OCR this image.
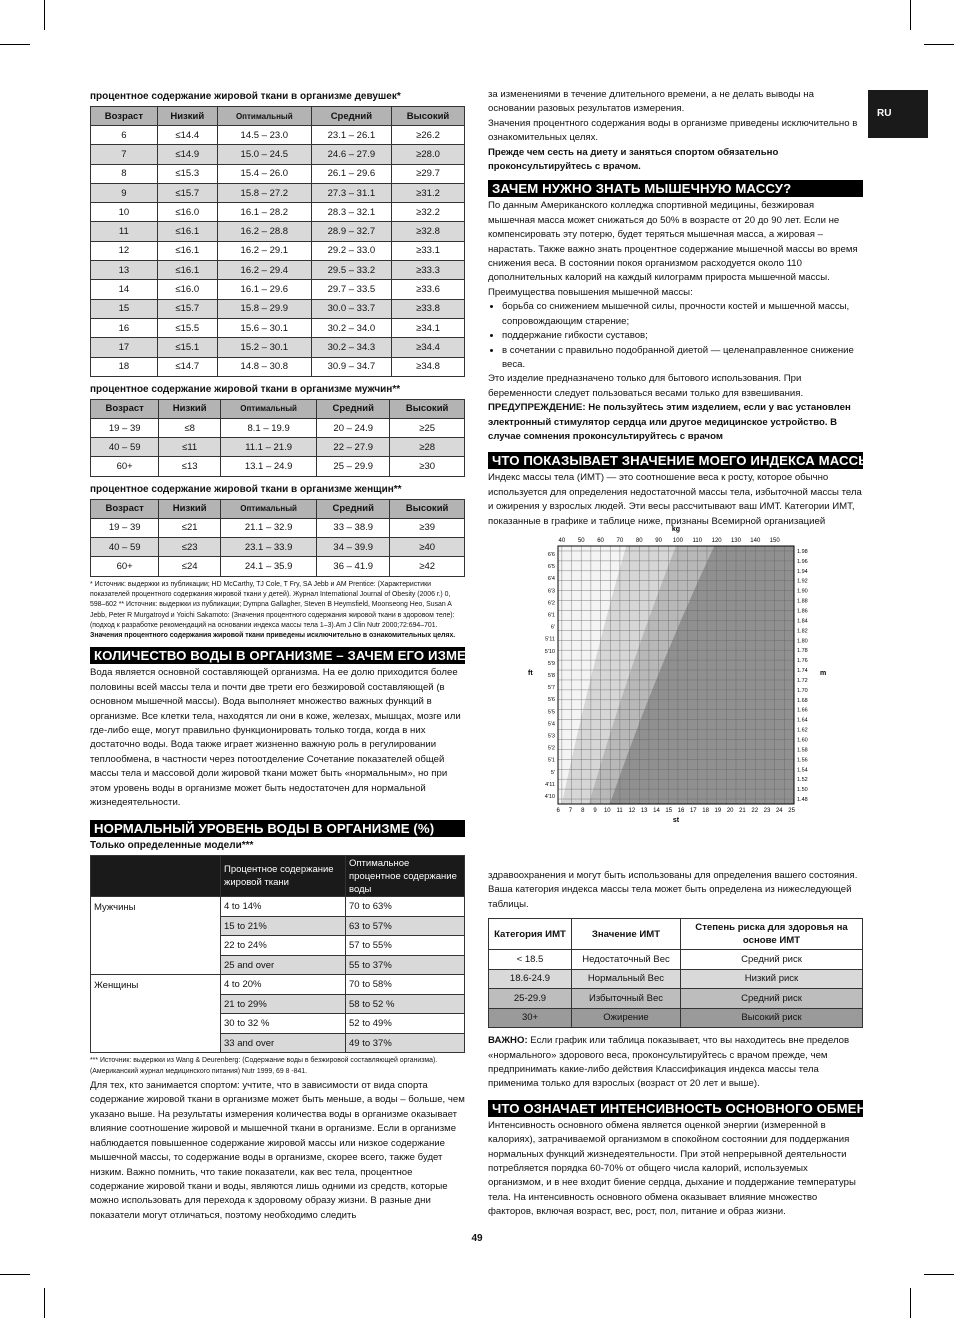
RU
процентное содержание жировой ткани в организме девушек*
Возраст	Низкий	Оптимальный	Средний	Высокий
6	≤14.4	14.5 – 23.0	23.1 – 26.1	≥26.2
7	≤14.9	15.0 – 24.5	24.6 – 27.9	≥28.0
8	≤15.3	15.4 – 26.0	26.1 – 29.6	≥29.7
9	≤15.7	15.8 – 27.2	27.3 – 31.1	≥31.2
10	≤16.0	16.1 – 28.2	28.3 – 32.1	≥32.2
11	≤16.1	16.2 – 28.8	28.9 – 32.7	≥32.8
12	≤16.1	16.2 – 29.1	29.2 – 33.0	≥33.1
13	≤16.1	16.2 – 29.4	29.5 – 33.2	≥33.3
14	≤16.0	16.1 – 29.6	29.7 – 33.5	≥33.6
15	≤15.7	15.8 – 29.9	30.0 – 33.7	≥33.8
16	≤15.5	15.6 – 30.1	30.2 – 34.0	≥34.1
17	≤15.1	15.2 – 30.1	30.2 – 34.3	≥34.4
18	≤14.7	14.8 – 30.8	30.9 – 34.7	≥34.8
процентное содержание жировой ткани в организме мужчин**
Возраст	Низкий	Оптимальный	Средний	Высокий
19 – 39	≤8	8.1 – 19.9	20 – 24.9	≥25
40 – 59	≤11	11.1 – 21.9	22 – 27.9	≥28
60+	≤13	13.1 – 24.9	25 – 29.9	≥30
процентное содержание жировой ткани в организме женщин**
Возраст	Низкий	Оптимальный	Средний	Высокий
19 – 39	≤21	21.1 – 32.9	33 – 38.9	≥39
40 – 59	≤23	23.1 – 33.9	34 – 39.9	≥40
60+	≤24	24.1 – 35.9	36 – 41.9	≥42
* Источник: выдержки из публикации; HD McCarthy, TJ Cole, T Fry, SA Jebb и AM Prentice: (Характеристики показателей процентного содержания жировой ткани у детей). Журнал International Journal of Obesity (2006 г.) 0, 598–602 ** Источник: выдержки из публикации; Dympna Gallagher, Steven B Heymsfield, Moonseong Heo, Susan A Jebb, Peter R Murgatroyd и Yoichi Sakamoto: (Значения процентного содержания жировой ткани в здоровом теле): (подход к разработке рекомендаций на основании индекса массы тела 1–3).Am J Clin Nutr 2000;72:694–701. Значения процентного содержания жировой ткани приведены исключительно в ознакомительных целях.
КОЛИЧЕСТВО ВОДЫ В ОРГАНИЗМЕ – ЗАЧЕМ ЕГО ИЗМЕРЯТЬ?

Вода является основной составляющей организма. На ее долю приходится более половины всей массы тела и почти две трети его безжировой составляющей (в основном мышечной массы). Вода выполняет множество важных функций в организме. Все клетки тела, находятся ли они в коже, железах, мышцах, мозге или где-либо еще, могут правильно функционировать только тогда, когда в них достаточно воды. Вода также играет жизненно важную роль в регулировании теплообмена, в частности через потоотделение Сочетание показателей общей массы тела и массовой доли жировой ткани может быть «нормальным», но при этом уровень воды в организме может быть недостаточен для нормальной жизнедеятельности.

НОРМАЛЬНЫЙ УРОВЕНЬ ВОДЫ В ОРГАНИЗМЕ (%)
Только определенные модели***
	Процентное содержание жировой ткани	Оптимальное процентное содержание воды
Мужчины	4 to 14%	70 to 63%
	15 to 21%	63 to 57%
	22 to 24%	57 to 55%
	25 and over	55 to 37%
Женщины	4 to 20%	70 to 58%
	21 to 29%	58 to 52 %
	30 to 32 %	52 to 49%
	33 and over	49 to 37%
*** Источник: выдержки из Wang & Deurenberg: (Содержание воды в безжировой составляющей организма). (Американский журнал медицинского питания) Nutr 1999, 69 8 -841.

Для тех, кто занимается спортом: учтите, что в зависимости от вида спорта содержание жировой ткани в организме может быть меньше, а воды – больше, чем указано выше. На результаты измерения количества воды в организме оказывает влияние соотношение жировой и мышечной ткани в организме. Если в организме наблюдается повышенное содержание жировой массы или низкое содержание мышечной массы, то содержание воды в организме, скорее всего, также будет низким. Важно помнить, что такие показатели, как вес тела, процентное содержание жировой ткани и воды, являются лишь одними из средств, которые можно использовать для перехода к здоровому образу жизни. В разные дни показатели могут отличаться, поэтому необходимо следить

за изменениями в течение длительного времени, а не делать выводы на основании разовых результатов измерения.

Значения процентного содержания воды в организме приведены исключительно в ознакомительных целях.

Прежде чем сесть на диету и заняться спортом обязательно проконсультируйтесь с врачом.

ЗАЧЕМ НУЖНО ЗНАТЬ МЫШЕЧНУЮ МАССУ?

По данным Американского колледжа спортивной медицины, безжировая мышечная масса может снижаться до 50% в возрасте от 20 до 90 лет. Если не компенсировать эту потерю, будет теряться мышечная масса, а жировая – нарастать. Также важно знать процентное содержание мышечной массы во время снижения веса. В состоянии покоя организмом расходуется около 110 дополнительных калорий на каждый килограмм прироста мышечной массы. Преимущества повышения мышечной массы:

• борьба со снижением мышечной силы, прочности костей и мышечной массы, сопровождающим старение;
• поддержание гибкости суставов;
• в сочетании с правильно подобранной диетой — целенаправленное снижение веса.

Это изделие предназначено только для бытового использования. При беременности следует пользоваться весами только для взвешивания.

ПРЕДУПРЕЖДЕНИЕ: Не пользуйтесь этим изделием, если у вас установлен электронный стимулятор сердца или другое медицинское устройство. В случае сомнения проконсультируйтесь с врачом

ЧТО ПОКАЗЫВАЕТ ЗНАЧЕНИЕ МОЕГО ИНДЕКСА МАССЫ ТЕЛА?

Индекс массы тела (ИМТ) — это соотношение веса к росту, которое обычно используется для определения недостаточной массы тела, избыточной массы тела и ожирения у взрослых людей. Эти весы рассчитывают ваш ИМТ. Категории ИМТ, показанные в графике и таблице ниже, признаны Всемирной организацией

здравоохранения и могут быть использованы для определения вашего состояния. Ваша категория индекса массы тела может быть определена из нижеследующей таблицы.

Категория ИМТ	Значение ИМТ	Степень риска для здоровья на основе ИМТ
< 18.5	Недостаточный Вес	Средний риск
18.6-24.9	Нормальный Вес	Низкий риск
25-29.9	Избыточный Вес	Средний риск
30+	Ожирение	Высокий риск

ВАЖНО: Если график или таблица показывает, что вы находитесь вне пределов «нормального» здорового веса, проконсультируйтесь с врачом прежде, чем предпринимать какие-либо действия Классификация индекса массы тела применима только для взрослых (возраст от 20 лет и выше).

ЧТО ОЗНАЧАЕТ ИНТЕНСИВНОСТЬ ОСНОВНОГО ОБМЕНА?

Интенсивность основного обмена является оценкой энергии (измеренной в калориях), затрачиваемой организмом в спокойном состоянии для поддержания нормальных функций жизнедеятельности. При этой непрерывной деятельности потребляется порядка 60-70% от общего числа калорий, используемых организмом, и в нее входит биение сердца, дыхание и поддержание температуры тела. На интенсивность основного обмена оказывает влияние множество факторов, включая возраст, вес, рост, пол, питание и образ жизни.

40 50 60 70 80 90 100 110 120 130 140 150
6 7 8 9 10 11 12 13 14 15 16 17 18 19 20 21 22 23 24 25
6'6
6'5
6'4
6'3
6'2
6'1
6'
5'11
5'10
5'9
5'8
5'7
5'6
5'5
5'4
5'3
5'2
5'1
5'
4'11
4'10
1.98
1.96
1.94
1.92
1.90
1.88
1.86
1.84
1.82
1.80
1.78
1.76
1.74
1.72
1.70
1.68
1.66
1.64
1.62
1.60
1.58
1.56
1.54
1.52
1.50
1.48
kg
st
ft	m
49
